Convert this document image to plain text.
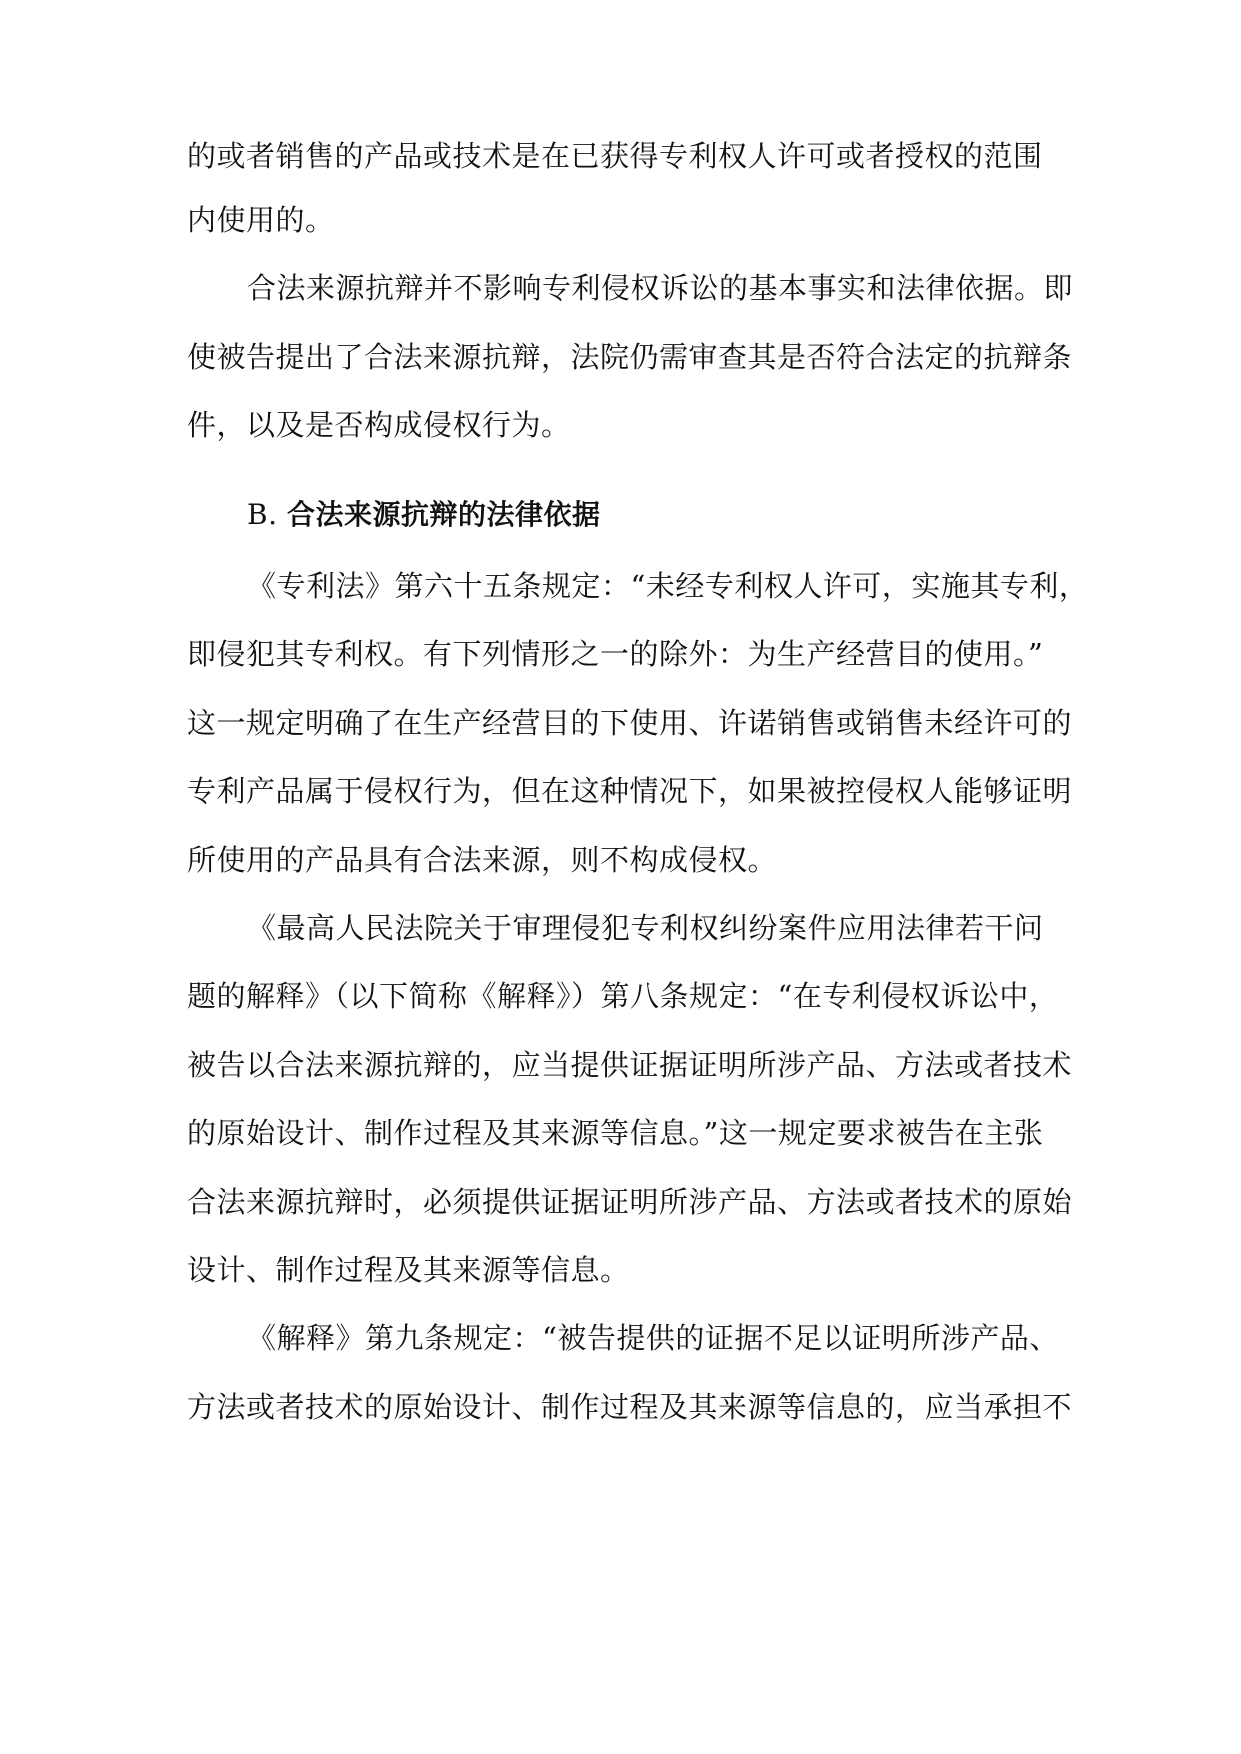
的或者销售的产品或技术是在已获得专利权人许可或者授权的范围
内使用的。
合法来源抗辩并不影响专利侵权诉讼的基本事实和法律依据。即
使被告提出了合法来源抗辩，法院仍需审查其是否符合法定的抗辩条
件，以及是否构成侵权行为。
B. 合法来源抗辩的法律依据
《专利法》第六十五条规定：“未经专利权人许可，实施其专利，
即侵犯其专利权。有下列情形之一的除外：为生产经营目的使用。”
这一规定明确了在生产经营目的下使用、许诺销售或销售未经许可的
专利产品属于侵权行为，但在这种情况下，如果被控侵权人能够证明
所使用的产品具有合法来源，则不构成侵权。
《最高人民法院关于审理侵犯专利权纠纷案件应用法律若干问
题的解释》（以下简称《解释》）第八条规定：“在专利侵权诉讼中，
被告以合法来源抗辩的，应当提供证据证明所涉产品、方法或者技术
的原始设计、制作过程及其来源等信息。”这一规定要求被告在主张
合法来源抗辩时，必须提供证据证明所涉产品、方法或者技术的原始
设计、制作过程及其来源等信息。
《解释》第九条规定：“被告提供的证据不足以证明所涉产品、
方法或者技术的原始设计、制作过程及其来源等信息的，应当承担不
